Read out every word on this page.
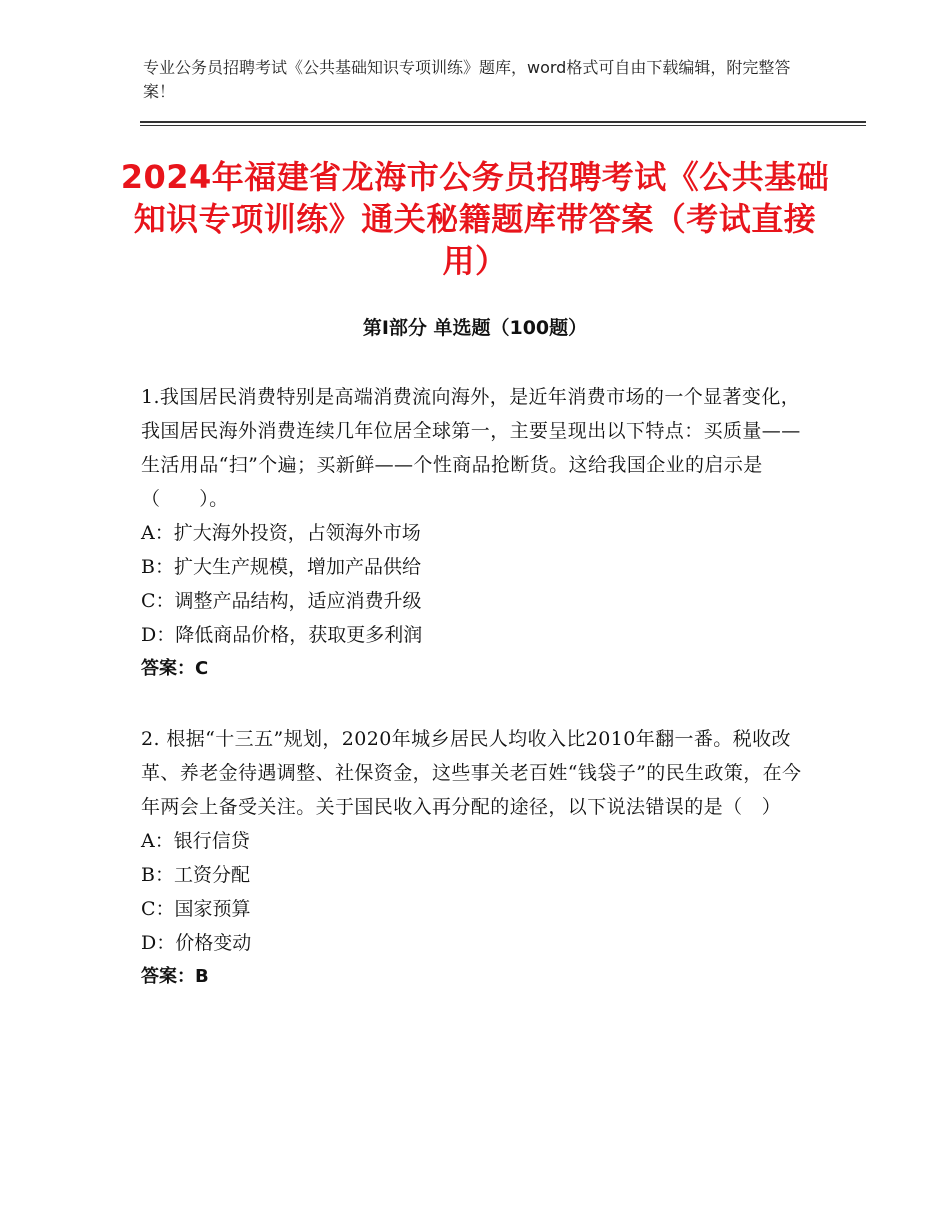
专业公务员招聘考试《公共基础知识专项训练》题库，word格式可自由下载编辑，附完整答案！
2024年福建省龙海市公务员招聘考试《公共基础知识专项训练》通关秘籍题库带答案（考试直接用）
第I部分 单选题（100题）

1.我国居民消费特别是高端消费流向海外，是近年消费市场的一个显著变化，我国居民海外消费连续几年位居全球第一，主要呈现出以下特点：买质量——生活用品“扫”个遍；买新鲜——个性商品抢断货。这给我国企业的启示是（　　）。

A：扩大海外投资，占领海外市场

B：扩大生产规模，增加产品供给

C：调整产品结构，适应消费升级

D：降低商品价格，获取更多利润

答案：C

2. 根据“十三五”规划，2020年城乡居民人均收入比2010年翻一番。税收改革、养老金待遇调整、社保资金，这些事关老百姓“钱袋子”的民生政策，在今年两会上备受关注。关于国民收入再分配的途径，以下说法错误的是（　）

A：银行信贷

B：工资分配

C：国家预算

D：价格变动

答案：B
